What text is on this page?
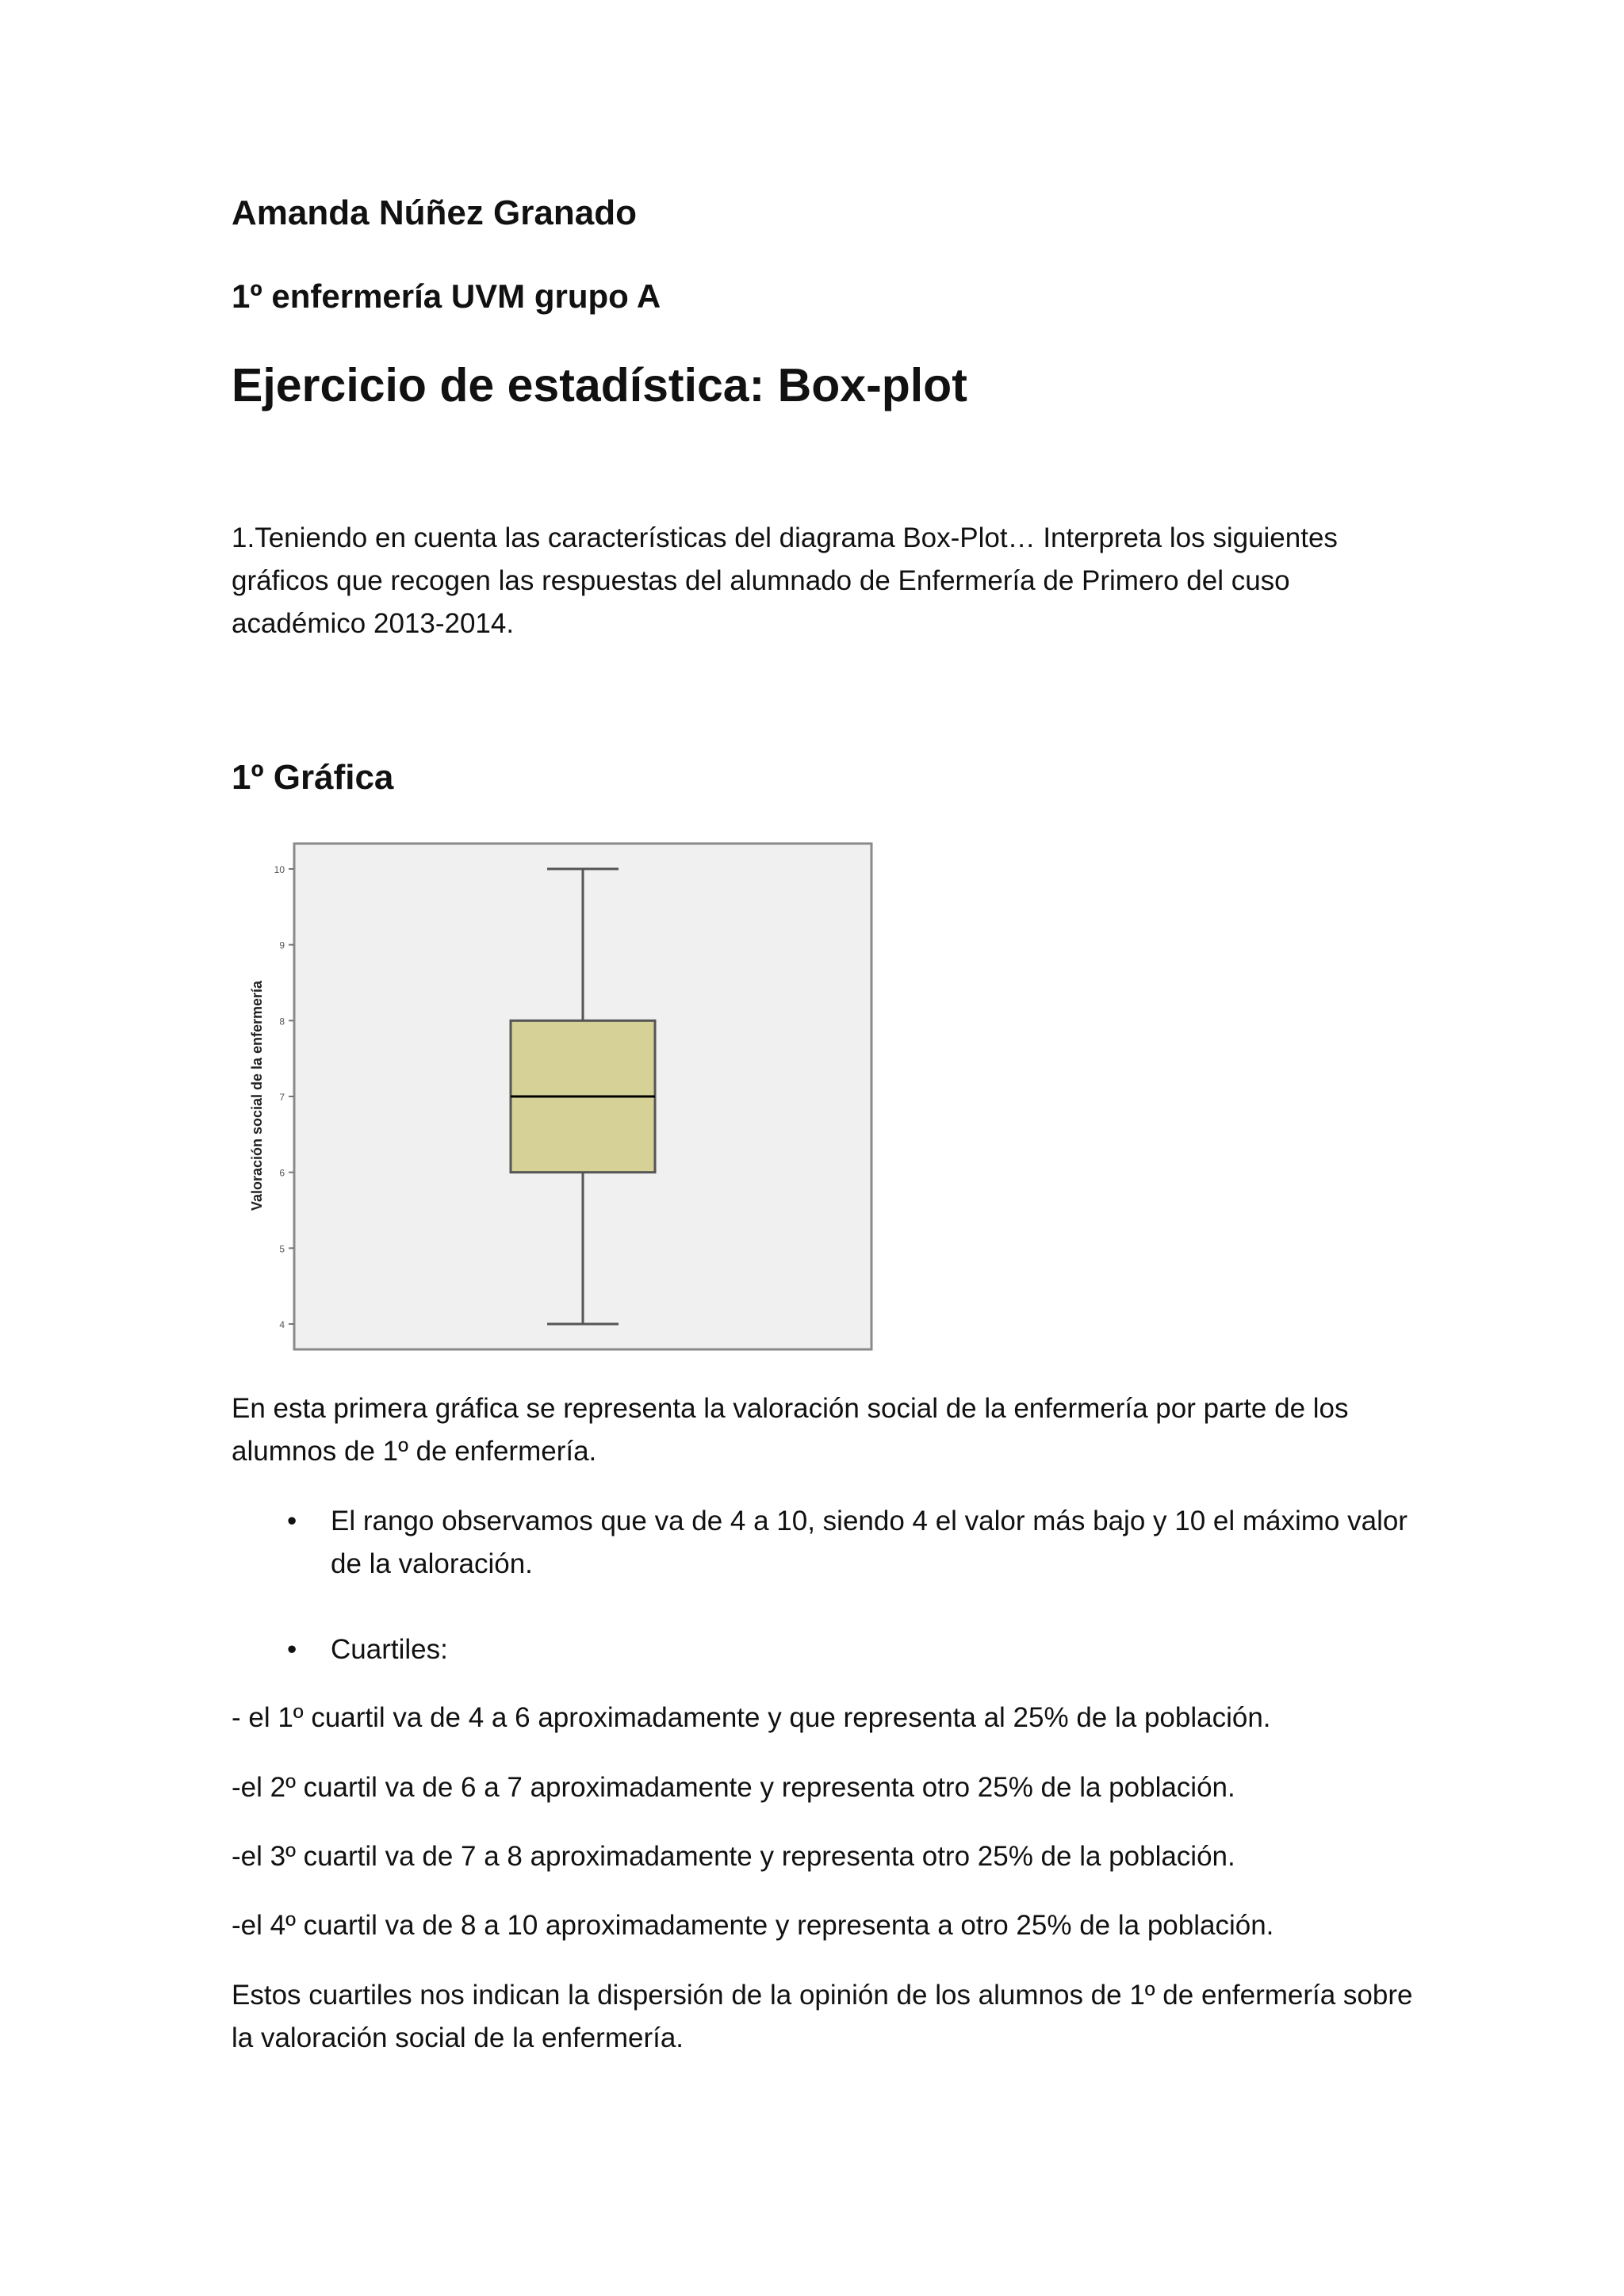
Amanda Núñez Granado
1º enfermería UVM grupo A
Ejercicio de estadística: Box-plot

1.Teniendo en cuenta las características del diagrama Box-Plot… Interpreta los siguientes gráficos que recogen las respuestas del alumnado de Enfermería de Primero del cuso académico 2013-2014.

1º Gráfica
Valoración social de la enfermería
4
5
6
7
8
9
10

En esta primera gráfica se representa la valoración social de la enfermería por parte de los alumnos de 1º de enfermería.

• El rango observamos que va de 4 a 10, siendo 4 el valor más bajo y 10 el máximo valor de la valoración.
• Cuartiles:

- el 1º cuartil va de 4 a 6 aproximadamente y que representa al 25% de la población.

-el 2º cuartil va de 6 a 7 aproximadamente y representa otro 25% de la población.

-el 3º cuartil va de 7 a 8 aproximadamente y representa otro 25% de la población.

-el 4º cuartil va de 8 a 10 aproximadamente y representa a otro 25% de la población.

Estos cuartiles nos indican la dispersión de la opinión de los alumnos de 1º de enfermería sobre la valoración social de la enfermería.
